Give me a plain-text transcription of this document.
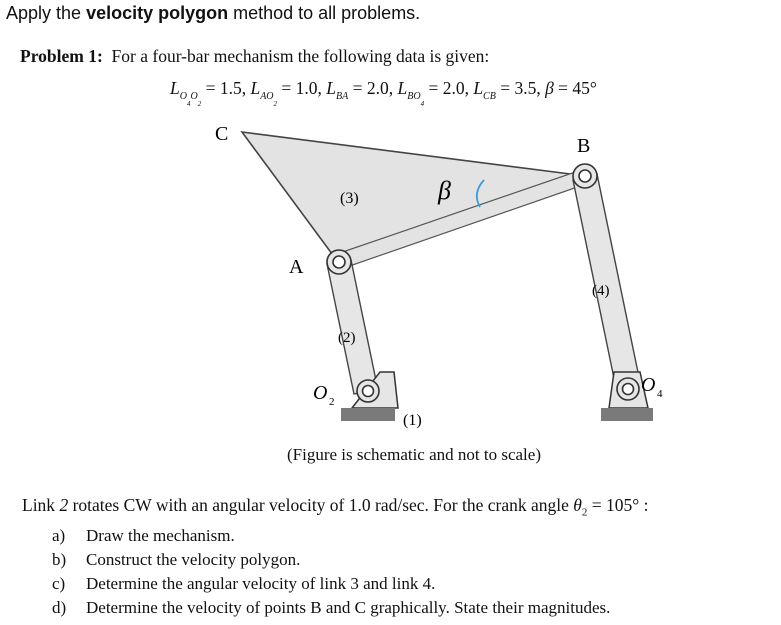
Apply the velocity polygon method to all problems.
Problem 1: For a four-bar mechanism the following data is given:
$L_{O_4O_2} = 1.5$, $L_{AO_2} = 1.0$, $L_{BA} = 2.0$, $L_{BO_4} = 2.0$, $L_{CB} = 3.5$, β = 45°
C
B
A
(3)	β
(2)
(4)
(1)
O 2
O 4
(Figure is schematic and not to scale)
Link 2 rotates CW with an angular velocity of 1.0 rad/sec. For the crank angle $\theta_2 = 105^\circ$ :
a)	Draw the mechanism.
b)	Construct the velocity polygon.
c)	Determine the angular velocity of link 3 and link 4.
d)	Determine the velocity of points B and C graphically. State their magnitudes.
